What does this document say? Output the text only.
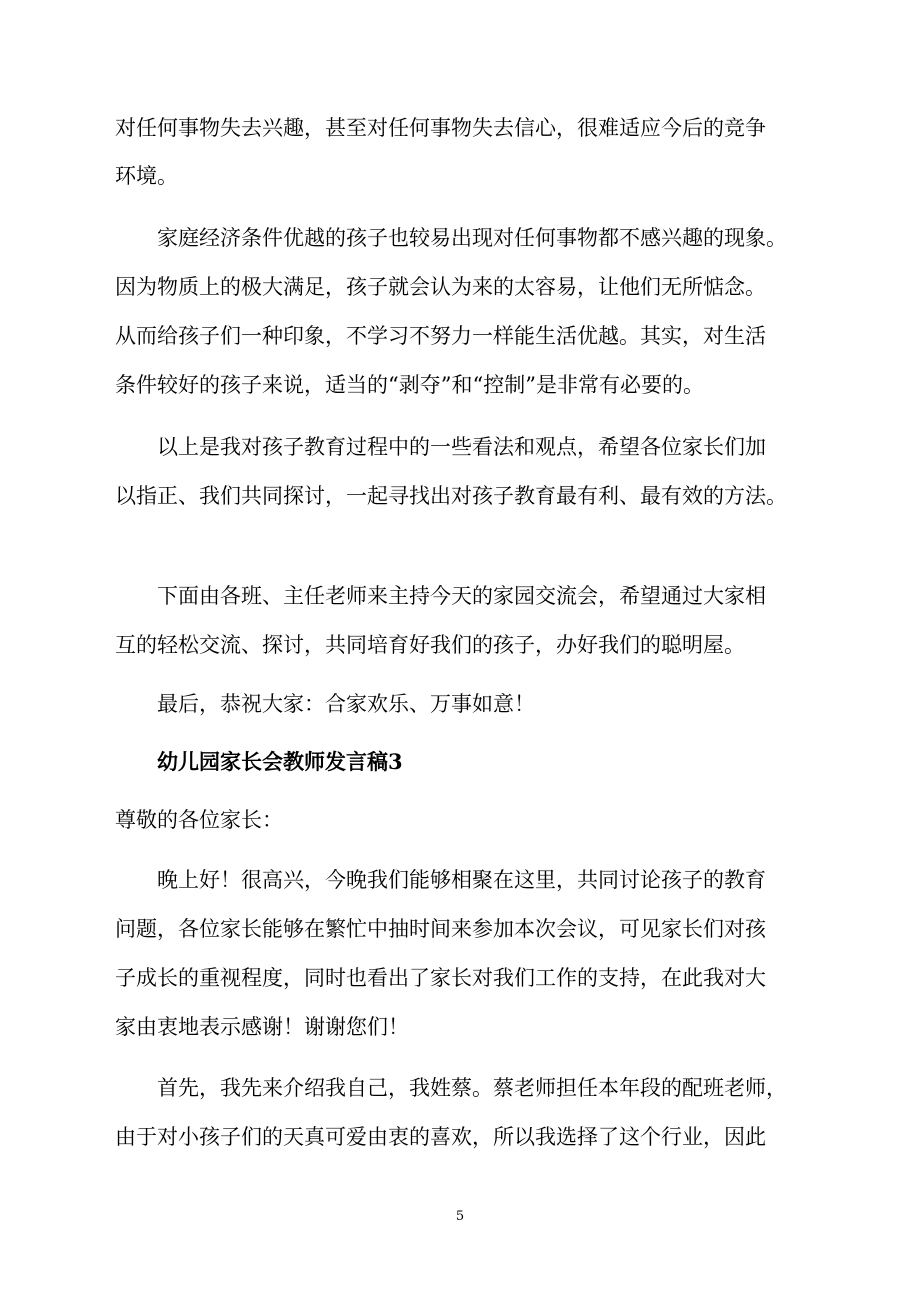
对任何事物失去兴趣，甚至对任何事物失去信心，很难适应今后的竞争
环境。
家庭经济条件优越的孩子也较易出现对任何事物都不感兴趣的现象。
因为物质上的极大满足，孩子就会认为来的太容易，让他们无所惦念。
从而给孩子们一种印象，不学习不努力一样能生活优越。其实，对生活
条件较好的孩子来说，适当的“剥夺”和“控制”是非常有必要的。
以上是我对孩子教育过程中的一些看法和观点，希望各位家长们加
以指正、我们共同探讨，一起寻找出对孩子教育最有利、最有效的方法。
下面由各班、主任老师来主持今天的家园交流会，希望通过大家相
互的轻松交流、探讨，共同培育好我们的孩子，办好我们的聪明屋。
最后，恭祝大家：合家欢乐、万事如意！
幼儿园家长会教师发言稿3
尊敬的各位家长：
晚上好！很高兴，今晚我们能够相聚在这里，共同讨论孩子的教育
问题，各位家长能够在繁忙中抽时间来参加本次会议，可见家长们对孩
子成长的重视程度，同时也看出了家长对我们工作的支持，在此我对大
家由衷地表示感谢！谢谢您们！
首先，我先来介绍我自己，我姓蔡。蔡老师担任本年段的配班老师，
由于对小孩子们的天真可爱由衷的喜欢，所以我选择了这个行业，因此
5
